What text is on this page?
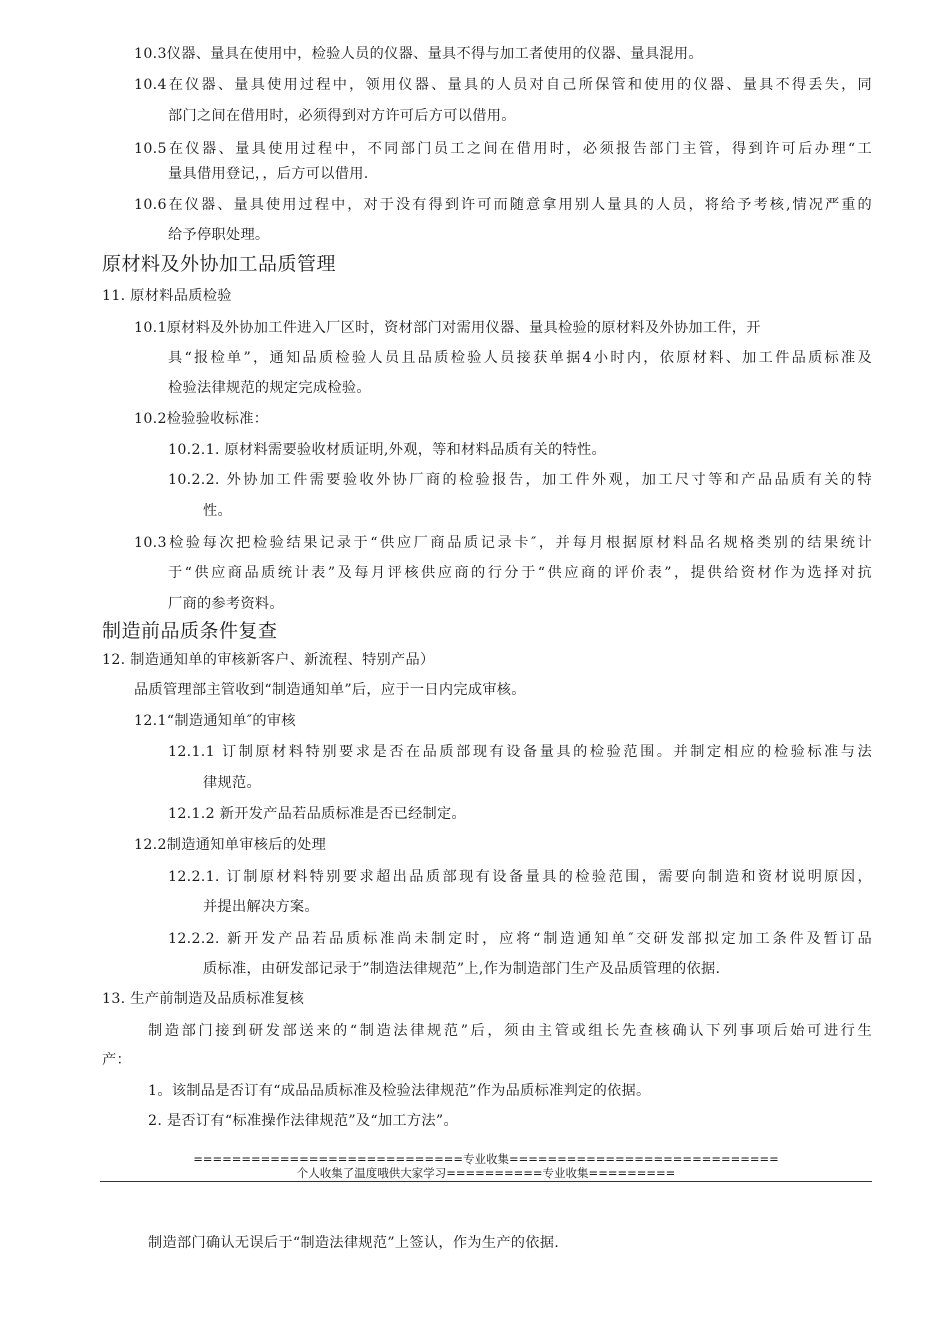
10.3仪器、量具在使用中，检验人员的仪器、量具不得与加工者使用的仪器、量具混用。
10.4在仪器、量具使用过程中，领用仪器、量具的人员对自己所保管和使用的仪器、量具不得丢失，同
部门之间在借用时，必须得到对方许可后方可以借用。
10.5在仪器、量具使用过程中，不同部门员工之间在借用时，必须报告部门主管，得到许可后办理“工
量具借用登记，，后方可以借用.
10.6在仪器、量具使用过程中，对于没有得到许可而随意拿用别人量具的人员，将给予考核,情况严重的
给予停职处理。
原材料及外协加工品质管理
11. 原材料品质检验
10.1原材料及外协加工件进入厂区时，资材部门对需用仪器、量具检验的原材料及外协加工件，开
具“报检单”，通知品质检验人员且品质检验人员接获单据4小时内，依原材料、加工件品质标准及
检验法律规范的规定完成检验。
10.2检验验收标准：
10.2.1. 原材料需要验收材质证明,外观，等和材料品质有关的特性。
10.2.2. 外协加工件需要验收外协厂商的检验报告，加工件外观，加工尺寸等和产品品质有关的特
性。
10.3检验每次把检验结果记录于“供应厂商品质记录卡″，并每月根据原材料品名规格类别的结果统计
于“供应商品质统计表”及每月评核供应商的行分于“供应商的评价表”，提供给资材作为选择对抗
厂商的参考资料。
制造前品质条件复查
12. 制造通知单的审核新客户、新流程、特别产品）
品质管理部主管收到“制造通知单”后，应于一日内完成审核。
12.1“制造通知单″的审核
12.1.1 订制原材料特别要求是否在品质部现有设备量具的检验范围。并制定相应的检验标准与法
律规范。
12.1.2 新开发产品若品质标准是否已经制定。
12.2制造通知单审核后的处理
12.2.1. 订制原材料特别要求超出品质部现有设备量具的检验范围，需要向制造和资材说明原因，
并提出解决方案。
12.2.2. 新开发产品若品质标准尚未制定时，应将“制造通知单″交研发部拟定加工条件及暂订品
质标准，由研发部记录于”制造法律规范”上,作为制造部门生产及品质管理的依据.
13. 生产前制造及品质标准复核
制造部门接到研发部送来的“制造法律规范”后，须由主管或组长先查核确认下列事项后始可进行生
产：
1。该制品是否订有“成品品质标准及检验法律规范”作为品质标准判定的依据。
2. 是否订有“标准操作法律规范”及“加工方法”。
============================专业收集============================
个人收集了温度哦供大家学习==========专业收集=========
制造部门确认无误后于“制造法律规范”上签认，作为生产的依据.
